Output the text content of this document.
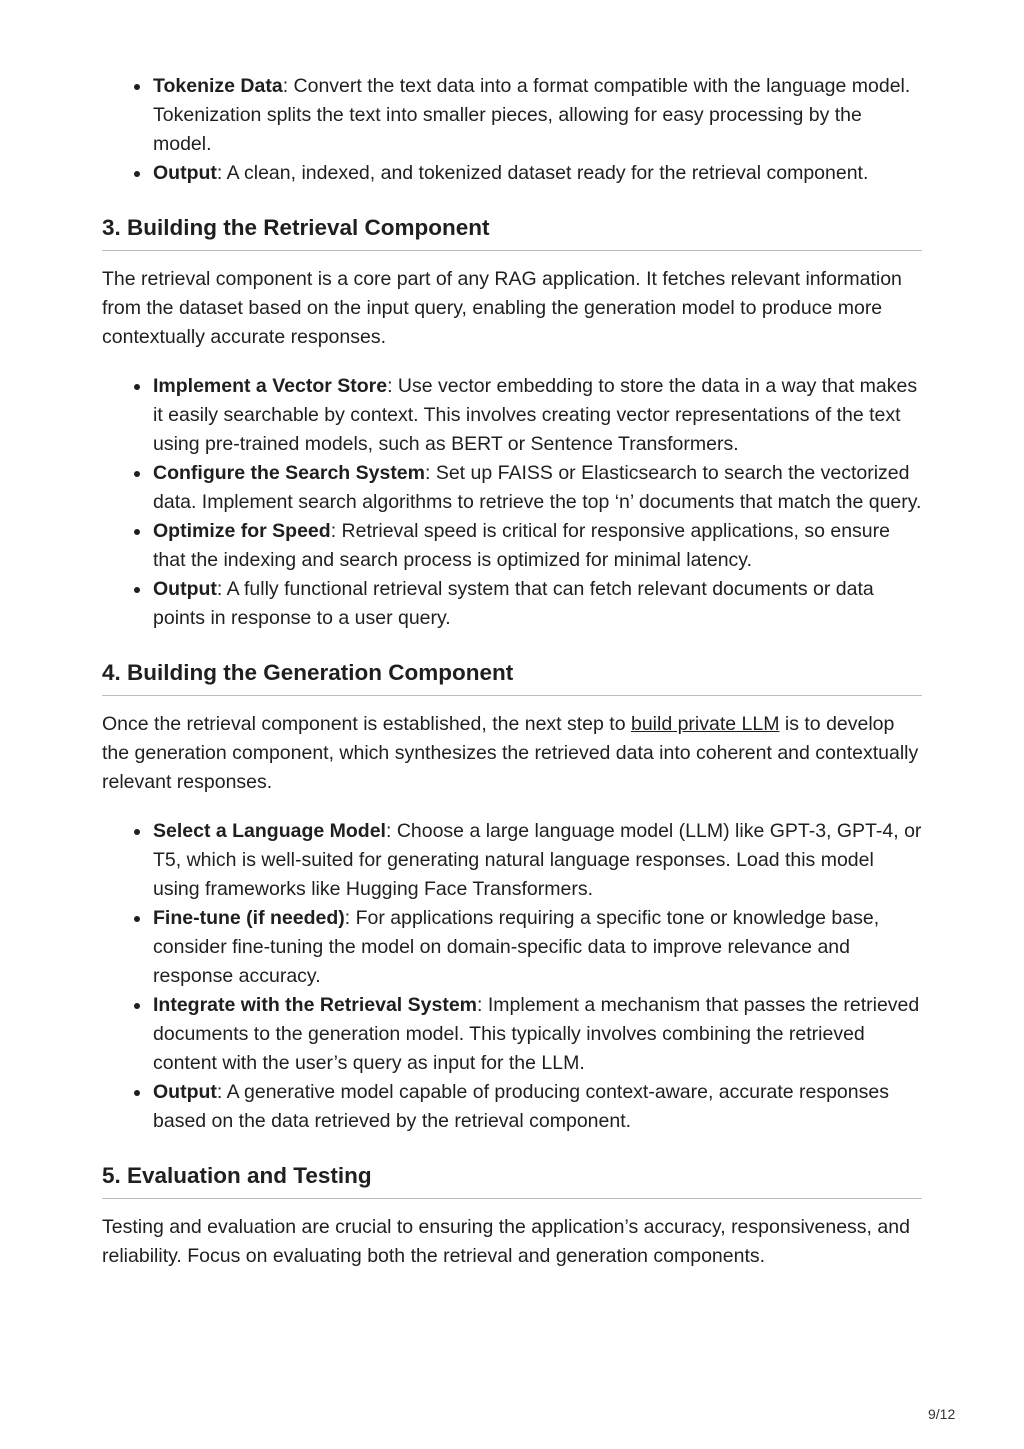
Tokenize Data: Convert the text data into a format compatible with the language model. Tokenization splits the text into smaller pieces, allowing for easy processing by the model.
Output: A clean, indexed, and tokenized dataset ready for the retrieval component.
3. Building the Retrieval Component

The retrieval component is a core part of any RAG application. It fetches relevant information from the dataset based on the input query, enabling the generation model to produce more contextually accurate responses.

Implement a Vector Store: Use vector embedding to store the data in a way that makes it easily searchable by context. This involves creating vector representations of the text using pre-trained models, such as BERT or Sentence Transformers.
Configure the Search System: Set up FAISS or Elasticsearch to search the vectorized data. Implement search algorithms to retrieve the top ‘n’ documents that match the query.
Optimize for Speed: Retrieval speed is critical for responsive applications, so ensure that the indexing and search process is optimized for minimal latency.
Output: A fully functional retrieval system that can fetch relevant documents or data points in response to a user query.
4. Building the Generation Component

Once the retrieval component is established, the next step to build private LLM is to develop the generation component, which synthesizes the retrieved data into coherent and contextually relevant responses.

Select a Language Model: Choose a large language model (LLM) like GPT-3, GPT-4, or T5, which is well-suited for generating natural language responses. Load this model using frameworks like Hugging Face Transformers.
Fine-tune (if needed): For applications requiring a specific tone or knowledge base, consider fine-tuning the model on domain-specific data to improve relevance and response accuracy.
Integrate with the Retrieval System: Implement a mechanism that passes the retrieved documents to the generation model. This typically involves combining the retrieved content with the user’s query as input for the LLM.
Output: A generative model capable of producing context-aware, accurate responses based on the data retrieved by the retrieval component.
5. Evaluation and Testing

Testing and evaluation are crucial to ensuring the application’s accuracy, responsiveness, and reliability. Focus on evaluating both the retrieval and generation components.

9/12
